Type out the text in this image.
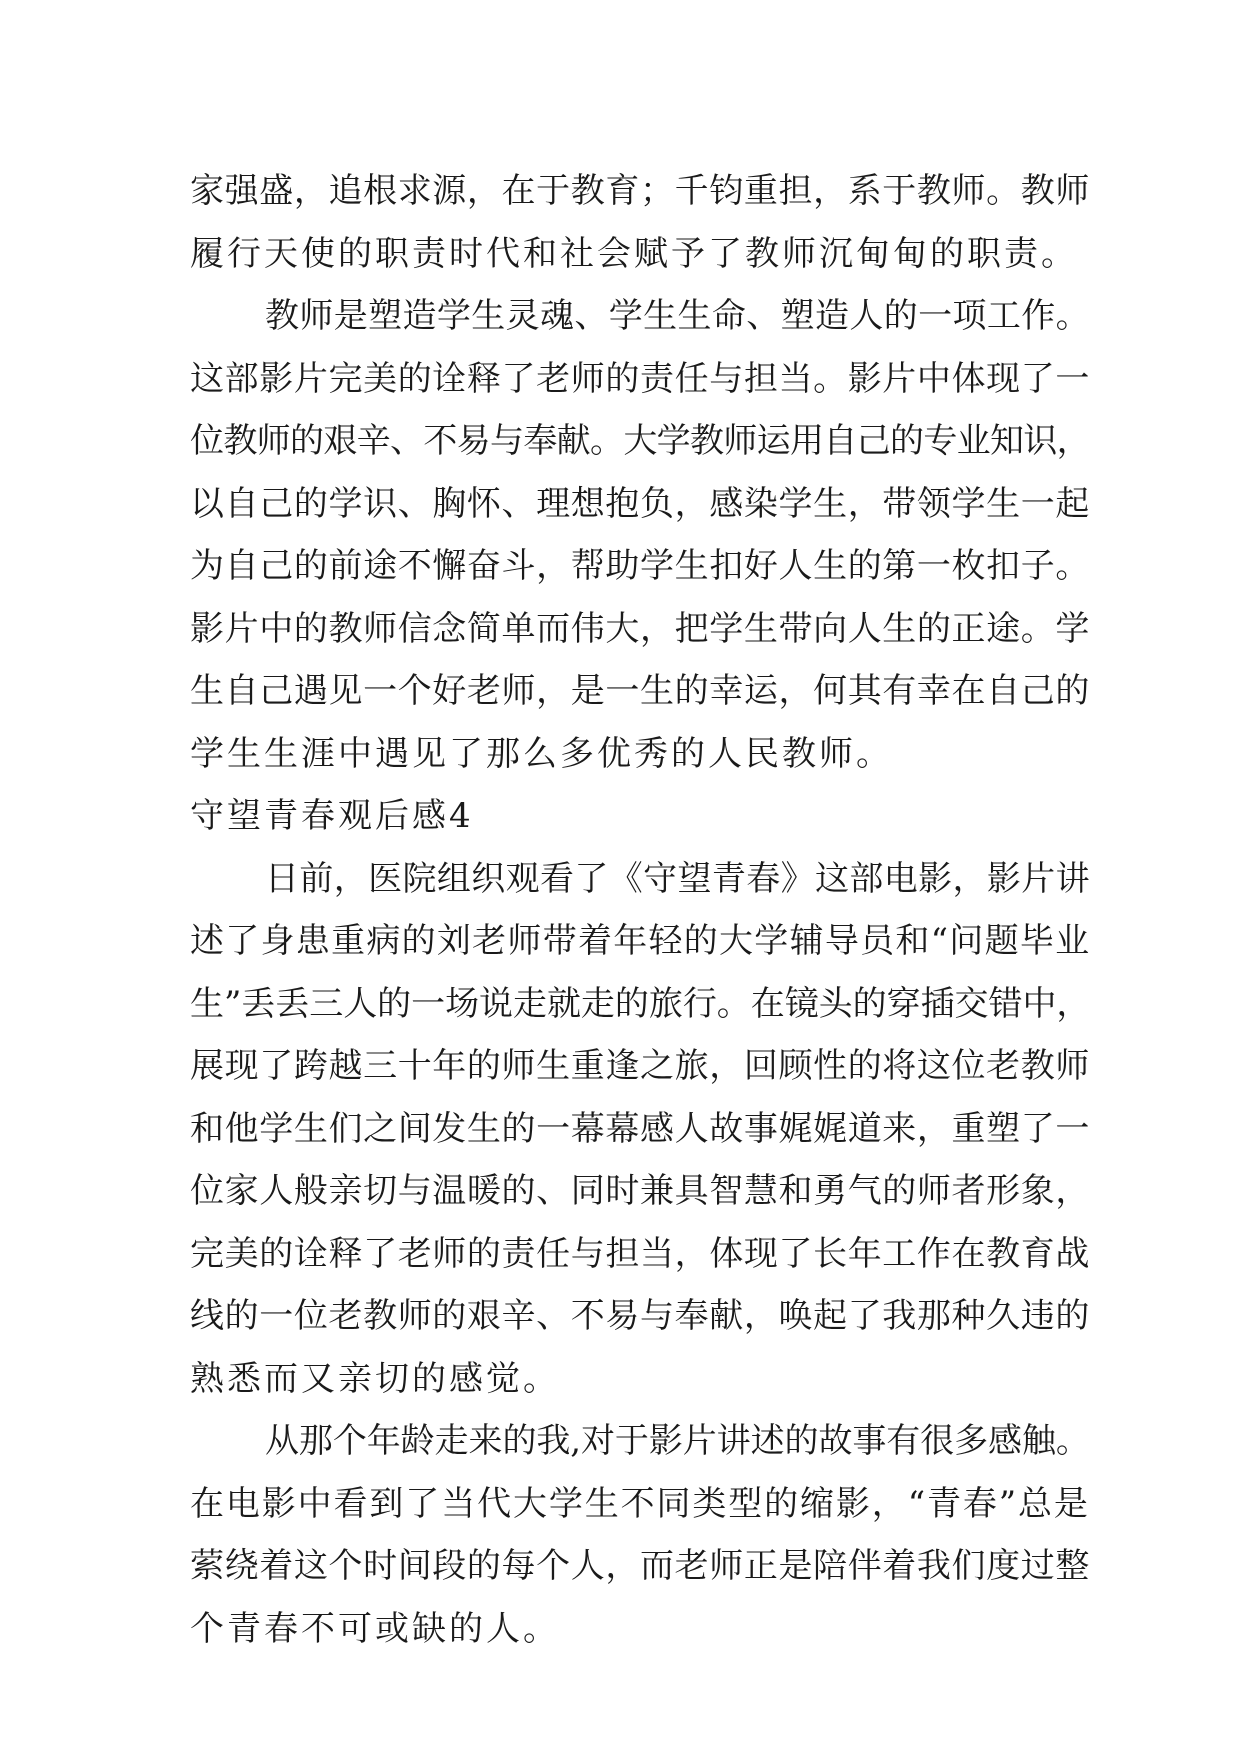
家强盛，追根求源，在于教育；千钧重担，系于教师。教师
履行天使的职责时代和社会赋予了教师沉甸甸的职责。
教师是塑造学生灵魂、学生生命、塑造人的一项工作。
这部影片完美的诠释了老师的责任与担当。影片中体现了一
位教师的艰辛、不易与奉献。大学教师运用自己的专业知识，
以自己的学识、胸怀、理想抱负，感染学生，带领学生一起
为自己的前途不懈奋斗，帮助学生扣好人生的第一枚扣子。
影片中的教师信念简单而伟大，把学生带向人生的正途。学
生自己遇见一个好老师，是一生的幸运，何其有幸在自己的
学生生涯中遇见了那么多优秀的人民教师。
守望青春观后感4
日前，医院组织观看了《守望青春》这部电影，影片讲
述了身患重病的刘老师带着年轻的大学辅导员和“问题毕业
生”丢丢三人的一场说走就走的旅行。在镜头的穿插交错中，
展现了跨越三十年的师生重逢之旅，回顾性的将这位老教师
和他学生们之间发生的一幕幕感人故事娓娓道来，重塑了一
位家人般亲切与温暖的、同时兼具智慧和勇气的师者形象，
完美的诠释了老师的责任与担当，体现了长年工作在教育战
线的一位老教师的艰辛、不易与奉献，唤起了我那种久违的
熟悉而又亲切的感觉。
从那个年龄走来的我,对于影片讲述的故事有很多感触。
在电影中看到了当代大学生不同类型的缩影，“青春”总是
萦绕着这个时间段的每个人，而老师正是陪伴着我们度过整
个青春不可或缺的人。
